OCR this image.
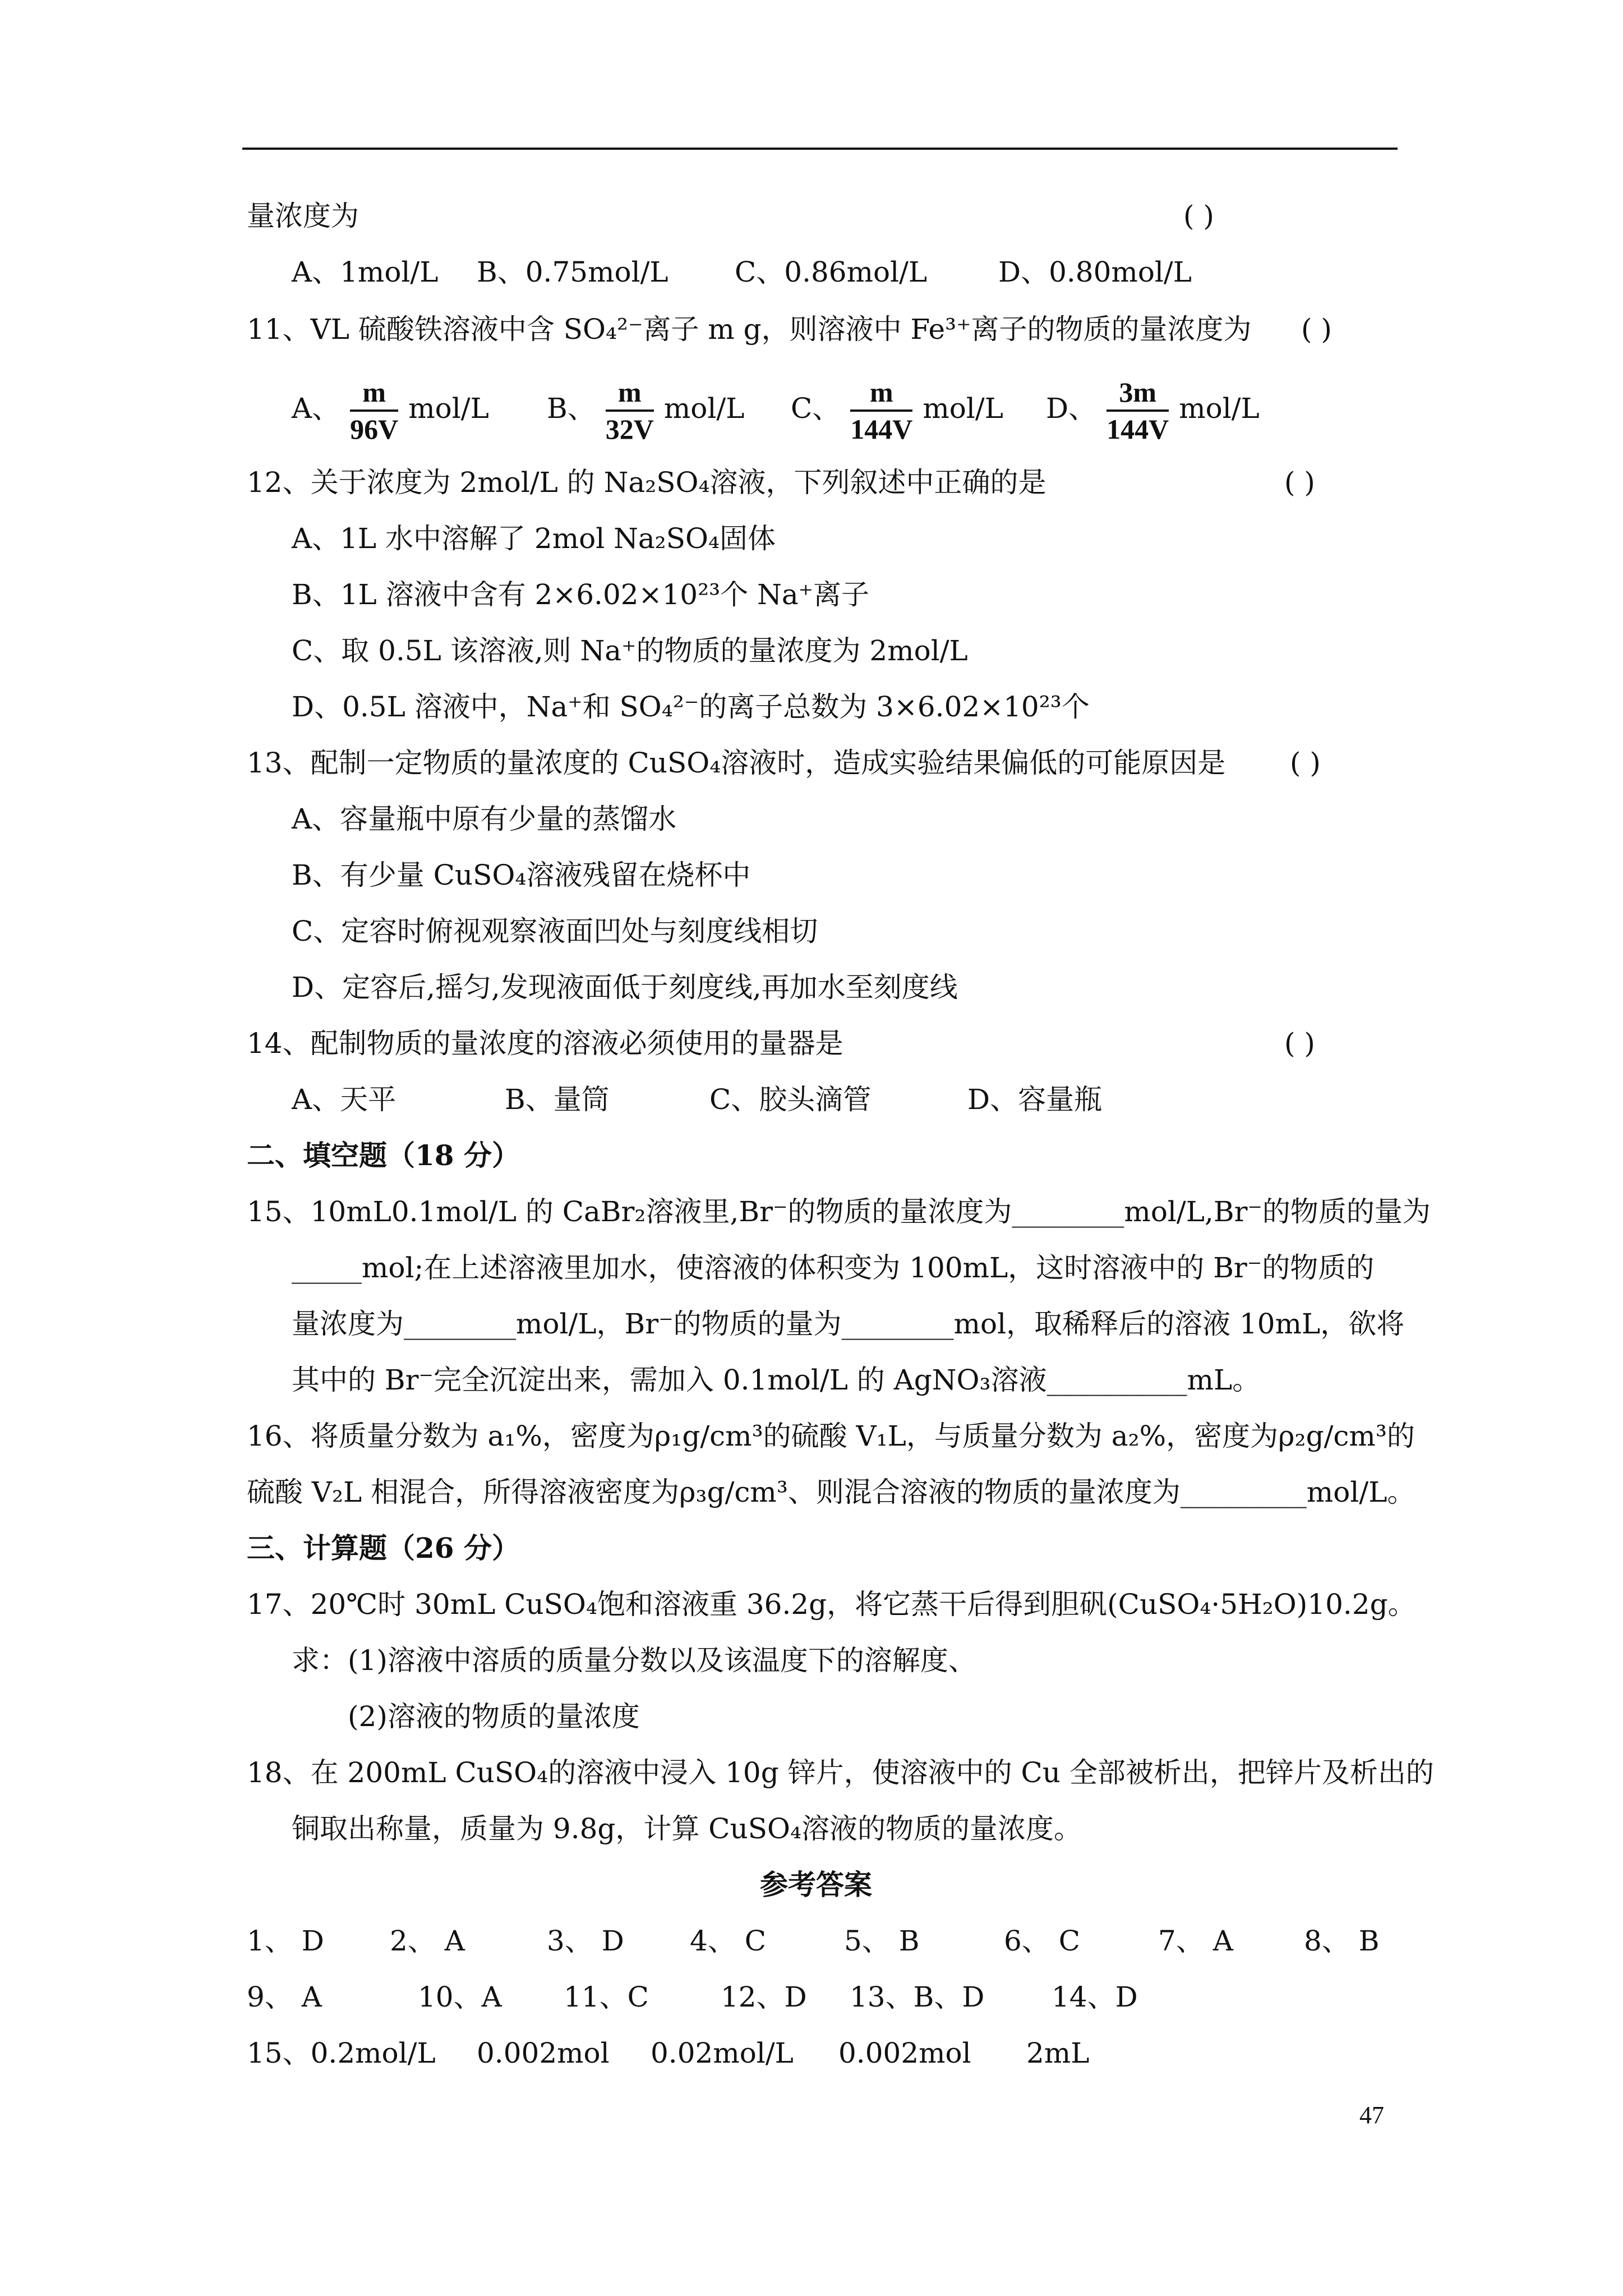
量浓度为	( )
A、1mol/L B、0.75mol/L C、0.86mol/L	D、0.80mol/L
11、VL 硫酸铁溶液中含 SO₄²⁻离子 m g，则溶液中 Fe³⁺离子的物质的量浓度为 ( )
A、 $\frac{m}{96V} mol/L$ B、 $\frac{m}{32V} mol/L$ C、 $\frac{m}{144V} mol/L$ D、 $\frac{3m}{144V} mol/L$
12、关于浓度为 2mol/L 的 Na₂SO₄溶液，下列叙述中正确的是	( )
A、1L 水中溶解了 2mol Na₂SO₄固体
B、1L 溶液中含有 2×6.02×10²³个 Na⁺离子
C、取 0.5L 该溶液,则 Na⁺的物质的量浓度为 2mol/L
D、0.5L 溶液中，Na⁺和 SO₄²⁻的离子总数为 3×6.02×10²³个
13、配制一定物质的量浓度的 CuSO₄溶液时，造成实验结果偏低的可能原因是 ( )
A、容量瓶中原有少量的蒸馏水
B、有少量 CuSO₄溶液残留在烧杯中
C、定容时俯视观察液面凹处与刻度线相切
D、定容后,摇匀,发现液面低于刻度线,再加水至刻度线
14、配制物质的量浓度的溶液必须使用的量器是	( )
A、天平	B、量筒	C、胶头滴管	D、容量瓶
二、填空题（18 分）
15、10mL0.1mol/L 的 CaBr₂溶液里,Br⁻的物质的量浓度为________mol/L,Br⁻的物质的量为
_____mol;在上述溶液里加水，使溶液的体积变为 100mL，这时溶液中的 Br⁻的物质的
量浓度为________mol/L，Br⁻的物质的量为________mol，取稀释后的溶液 10mL，欲将
其中的 Br⁻完全沉淀出来，需加入 0.1mol/L 的 AgNO₃溶液__________mL。
16、将质量分数为 a₁%，密度为ρ₁g/cm³的硫酸 V₁L，与质量分数为 a₂%，密度为ρ₂g/cm³的
硫酸 V₂L 相混合，所得溶液密度为ρ₃g/cm³、则混合溶液的物质的量浓度为_________mol/L。
三、计算题（26 分）
17、20℃时 30mL CuSO₄饱和溶液重 36.2g，将它蒸干后得到胆矾(CuSO₄·5H₂O)10.2g。
求：(1)溶液中溶质的质量分数以及该温度下的溶解度、
(2)溶液的物质的量浓度
18、在 200mL CuSO₄的溶液中浸入 10g 锌片，使溶液中的 Cu 全部被析出，把锌片及析出的
铜取出称量，质量为 9.8g，计算 CuSO₄溶液的物质的量浓度。
参考答案
1、 D 2、 A	3、 D 4、 C	5、 B	6、 C	7、 A	8、 B
9、 A	10、A 11、C	12、D 13、B、D 14、D
15、0.2mol/L 0.002mol 0.02mol/L 0.002mol 2mL
47
